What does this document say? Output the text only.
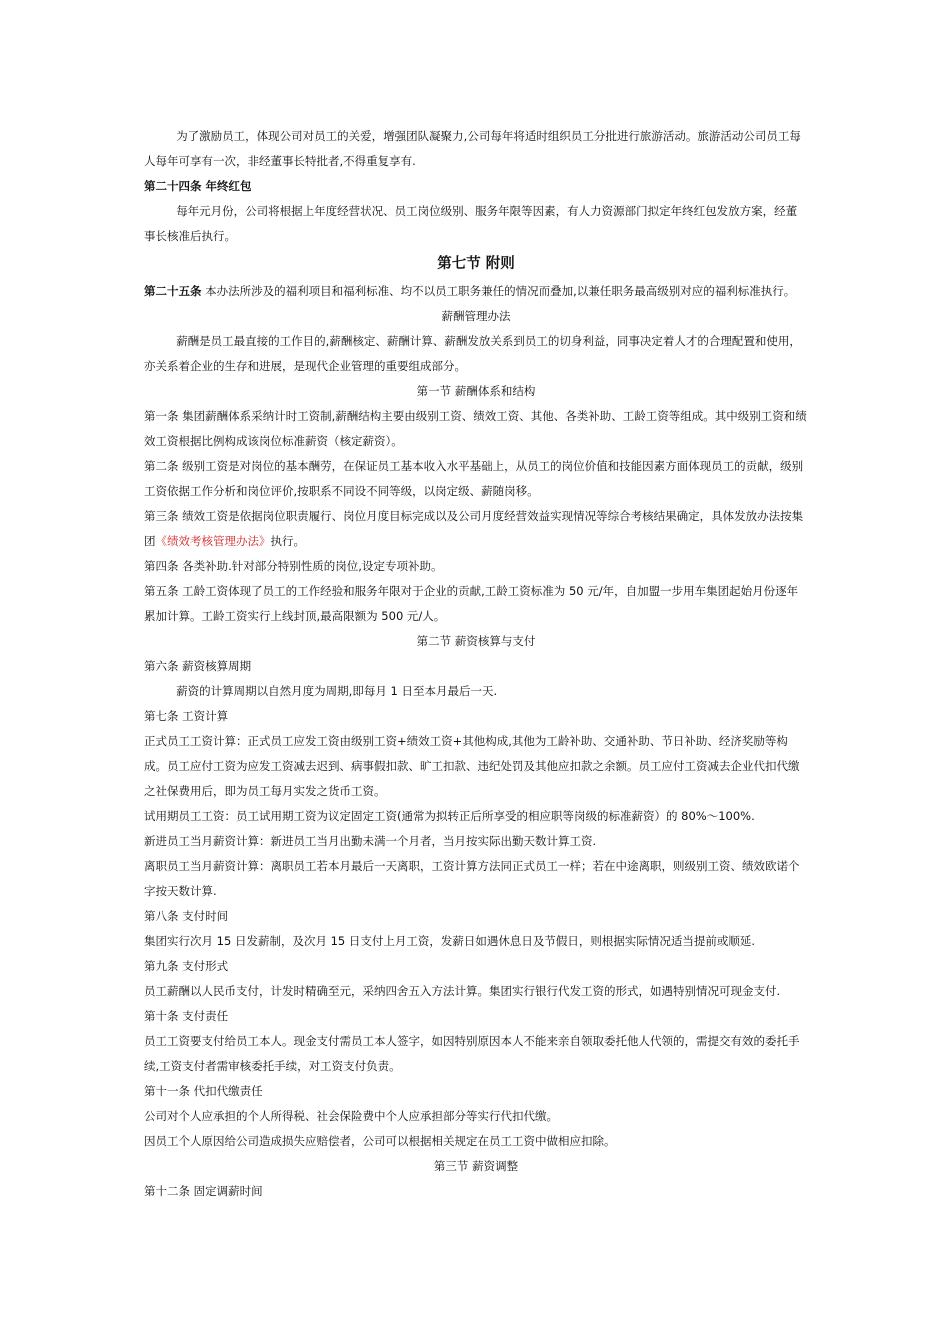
为了激励员工，体现公司对员工的关爱，增强团队凝聚力,公司每年将适时组织员工分批进行旅游活动。旅游活动公司员工每人每年可享有一次，非经董事长特批者,不得重复享有.

第二十四条 年终红包

每年元月份，公司将根据上年度经营状况、员工岗位级别、服务年限等因素，有人力资源部门拟定年终红包发放方案，经董事长核准后执行。

第七节 附则

第二十五条 本办法所涉及的福利项目和福利标准、均不以员工职务兼任的情况而叠加,以兼任职务最高级别对应的福利标准执行。

薪酬管理办法

薪酬是员工最直接的工作目的,薪酬核定、薪酬计算、薪酬发放关系到员工的切身利益，同事决定着人才的合理配置和使用，亦关系着企业的生存和进展，是现代企业管理的重要组成部分。

第一节 薪酬体系和结构

第一条 集团薪酬体系采纳计时工资制,薪酬结构主要由级别工资、绩效工资、其他、各类补助、工龄工资等组成。其中级别工资和绩效工资根据比例构成该岗位标准薪资（核定薪资）。

第二条 级别工资是对岗位的基本酬劳，在保证员工基本收入水平基础上，从员工的岗位价值和技能因素方面体现员工的贡献，级别工资依据工作分析和岗位评价,按职系不同设不同等级，以岗定级、薪随岗移。

第三条 绩效工资是依据岗位职责履行、岗位月度目标完成以及公司月度经营效益实现情况等综合考核结果确定，具体发放办法按集团《绩效考核管理办法》执行。

第四条 各类补助.针对部分特别性质的岗位,设定专项补助。

第五条 工龄工资体现了员工的工作经验和服务年限对于企业的贡献,工龄工资标准为 50 元/年，自加盟一步用车集团起始月份逐年累加计算。工龄工资实行上线封顶,最高限额为 500 元/人。

第二节 薪资核算与支付

第六条 薪资核算周期

薪资的计算周期以自然月度为周期,即每月 1 日至本月最后一天.

第七条 工资计算

正式员工工资计算：正式员工应发工资由级别工资+绩效工资+其他构成,其他为工龄补助、交通补助、节日补助、经济奖励等构成。员工应付工资为应发工资减去迟到、病事假扣款、旷工扣款、违纪处罚及其他应扣款之余额。员工应付工资减去企业代扣代缴之社保费用后，即为员工每月实发之货币工资。

试用期员工工资：员工试用期工资为议定固定工资(通常为拟转正后所享受的相应职等岗级的标准薪资）的 80%～100%.

新进员工当月薪资计算：新进员工当月出勤未满一个月者，当月按实际出勤天数计算工资.

离职员工当月薪资计算：离职员工若本月最后一天离职，工资计算方法同正式员工一样；若在中途离职，则级别工资、绩效欧诺个字按天数计算.

第八条 支付时间

集团实行次月 15 日发薪制，及次月 15 日支付上月工资，发薪日如遇休息日及节假日，则根据实际情况适当提前或顺延.

第九条 支付形式

员工薪酬以人民币支付，计发时精确至元，采纳四舍五入方法计算。集团实行银行代发工资的形式，如遇特别情况可现金支付.

第十条 支付责任

员工工资要支付给员工本人。现金支付需员工本人签字，如因特别原因本人不能来亲自领取委托他人代领的，需提交有效的委托手续,工资支付者需审核委托手续，对工资支付负责。

第十一条 代扣代缴责任

公司对个人应承担的个人所得税、社会保险费中个人应承担部分等实行代扣代缴。

因员工个人原因给公司造成损失应赔偿者，公司可以根据相关规定在员工工资中做相应扣除。

第三节 薪资调整

第十二条 固定调薪时间
